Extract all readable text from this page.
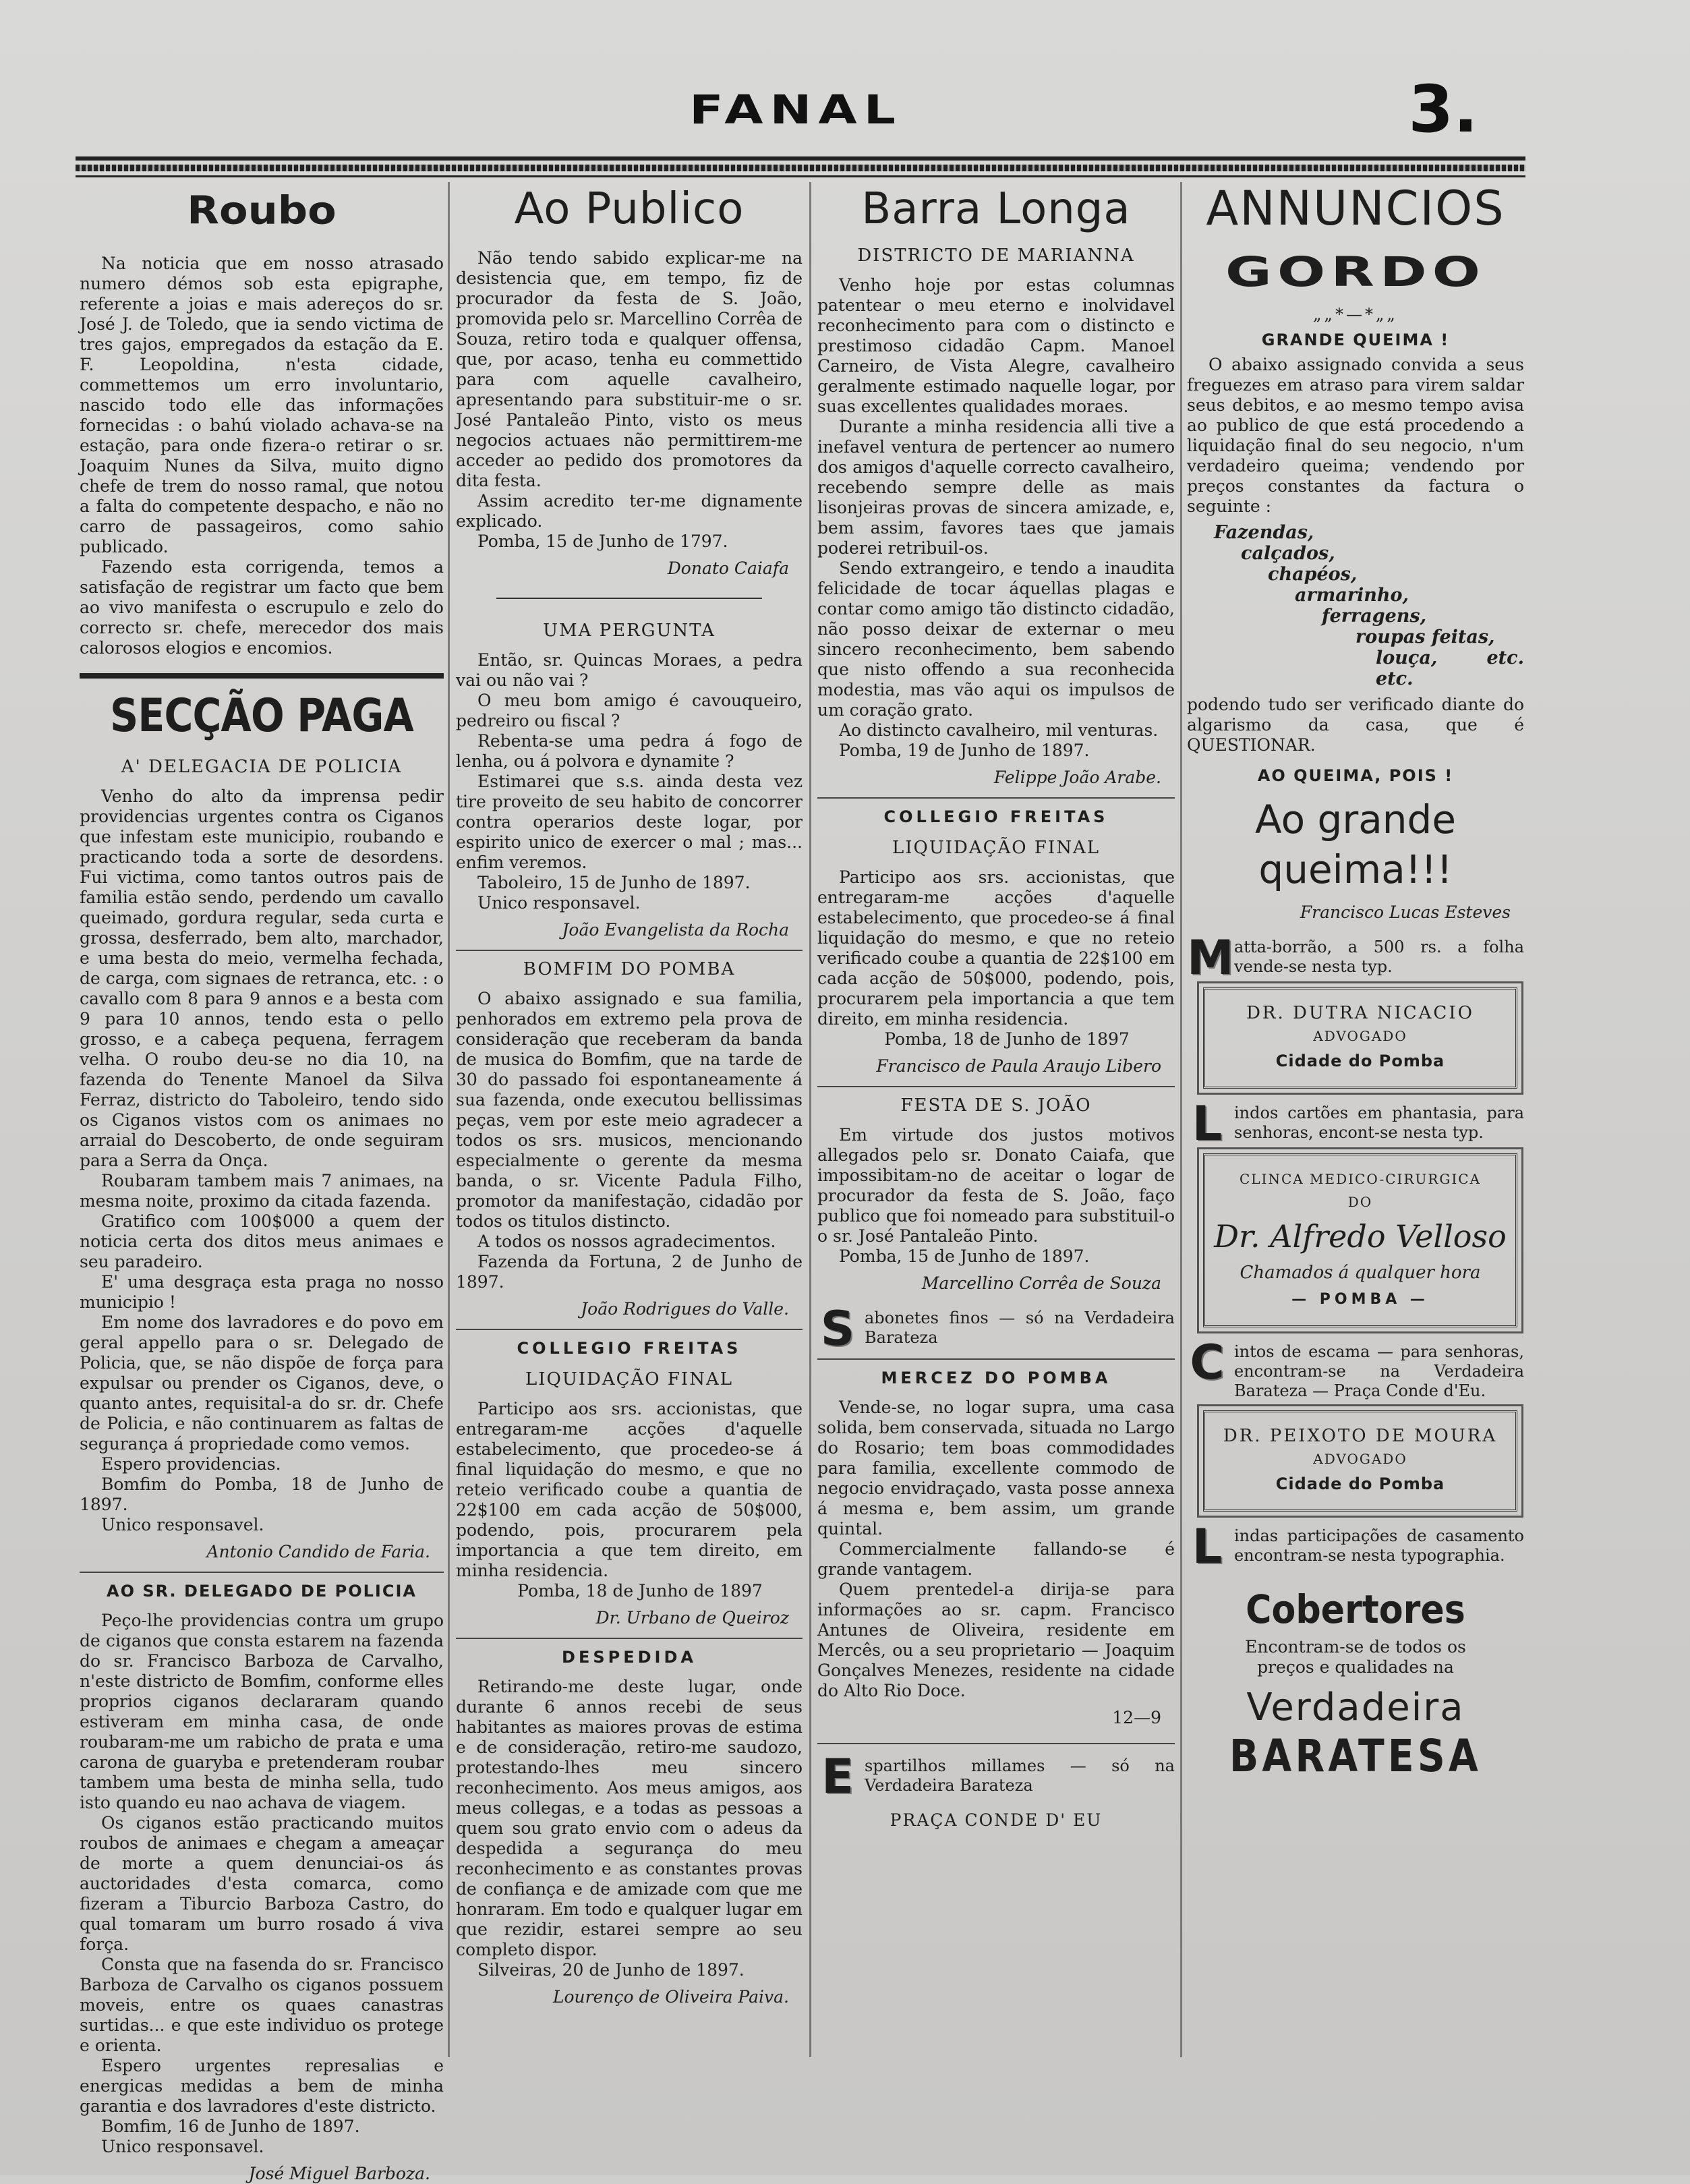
FANAL	3.
Roubo

Na noticia que em nosso atrasado numero démos sob esta epigraphe, referente a joias e mais adereços do sr. José J. de Toledo, que ia sendo victima de tres gajos, empregados da estação da E. F. Leopoldina, n'esta cidade, commettemos um erro involuntario, nascido todo elle das informações fornecidas : o bahú violado achava-se na estação, para onde fizera-o retirar o sr. Joaquim Nunes da Silva, muito digno chefe de trem do nosso ramal, que notou a falta do competente despacho, e não no carro de passageiros, como sahio publicado.

Fazendo esta corrigenda, temos a satisfação de registrar um facto que bem ao vivo manifesta o escrupulo e zelo do correcto sr. chefe, merecedor dos mais calorosos elogios e encomios.

SECÇÃO PAGA
A' DELEGACIA DE POLICIA

Venho do alto da imprensa pedir providencias urgentes contra os Ciganos que infestam este municipio, roubando e practicando toda a sorte de desordens. Fui victima, como tantos outros pais de familia estão sendo, perdendo um cavallo queimado, gordura regular, seda curta e grossa, desferrado, bem alto, marchador, e uma besta do meio, vermelha fechada, de carga, com signaes de retranca, etc. : o cavallo com 8 para 9 annos e a besta com 9 para 10 annos, tendo esta o pello grosso, e a cabeça pequena, ferragem velha. O roubo deu-se no dia 10, na fazenda do Tenente Manoel da Silva Ferraz, districto do Taboleiro, tendo sido os Ciganos vistos com os animaes no arraial do Descoberto, de onde seguiram para a Serra da Onça.

Roubaram tambem mais 7 animaes, na mesma noite, proximo da citada fazenda.

Gratifico com 100$000 a quem der noticia certa dos ditos meus animaes e seu paradeiro.

E' uma desgraça esta praga no nosso municipio !

Em nome dos lavradores e do povo em geral appello para o sr. Delegado de Policia, que, se não dispõe de força para expulsar ou prender os Ciganos, deve, o quanto antes, requisital-a do sr. dr. Chefe de Policia, e não continuarem as faltas de segurança á propriedade como vemos.

Espero providencias.

Bomfim do Pomba, 18 de Junho de 1897.

Unico responsavel.

Antonio Candido de Faria.
AO SR. DELEGADO DE POLICIA

Peço-lhe providencias contra um grupo de ciganos que consta estarem na fazenda do sr. Francisco Barboza de Carvalho, n'este districto de Bomfim, conforme elles proprios ciganos declararam quando estiveram em minha casa, de onde roubaram-me um rabicho de prata e uma carona de guaryba e pretenderam roubar tambem uma besta de minha sella, tudo isto quando eu nao achava de viagem.

Os ciganos estão practicando muitos roubos de animaes e chegam a ameaçar de morte a quem denunciai-os ás auctoridades d'esta comarca, como fizeram a Tiburcio Barboza Castro, do qual tomaram um burro rosado á viva força.

Consta que na fasenda do sr. Francisco Barboza de Carvalho os ciganos possuem moveis, entre os quaes canastras surtidas... e que este individuo os protege e orienta.

Espero urgentes represalias e energicas medidas a bem de minha garantia e dos lavradores d'este districto.

Bomfim, 16 de Junho de 1897.

Unico responsavel.

José Miguel Barboza.
Ao Publico

Não tendo sabido explicar-me na desistencia que, em tempo, fiz de procurador da festa de S. João, promovida pelo sr. Marcellino Corrêa de Souza, retiro toda e qualquer offensa, que, por acaso, tenha eu commettido para com aquelle cavalheiro, apresentando para substituir-me o sr. José Pantaleão Pinto, visto os meus negocios actuaes não permittirem-me acceder ao pedido dos promotores da dita festa.

Assim acredito ter-me dignamente explicado.

Pomba, 15 de Junho de 1797.

Donato Caiafa
UMA PERGUNTA

Então, sr. Quincas Moraes, a pedra vai ou não vai ?

O meu bom amigo é cavouqueiro, pedreiro ou fiscal ?

Rebenta-se uma pedra á fogo de lenha, ou á polvora e dynamite ?

Estimarei que s.s. ainda desta vez tire proveito de seu habito de concorrer contra operarios deste logar, por espirito unico de exercer o mal ; mas... enfim veremos.

Taboleiro, 15 de Junho de 1897.

Unico responsavel.

João Evangelista da Rocha
BOMFIM DO POMBA

O abaixo assignado e sua familia, penhorados em extremo pela prova de consideração que receberam da banda de musica do Bomfim, que na tarde de 30 do passado foi espontaneamente á sua fazenda, onde executou bellissimas peças, vem por este meio agradecer a todos os srs. musicos, mencionando especialmente o gerente da mesma banda, o sr. Vicente Padula Filho, promotor da manifestação, cidadão por todos os titulos distincto.

A todos os nossos agradecimentos.

Fazenda da Fortuna, 2 de Junho de 1897.

João Rodrigues do Valle.
COLLEGIO FREITAS
LIQUIDAÇÃO FINAL

Participo aos srs. accionistas, que entregaram-me acções d'aquelle estabelecimento, que procedeo-se á final liquidação do mesmo, e que no reteio verificado coube a quantia de 22$100 em cada acção de 50$000, podendo, pois, procurarem pela importancia a que tem direito, em minha residencia.

Pomba, 18 de Junho de 1897

Dr. Urbano de Queiroz
DESPEDIDA

Retirando-me deste lugar, onde durante 6 annos recebi de seus habitantes as maiores provas de estima e de consideração, retiro-me saudozo, protestando-lhes meu sincero reconhecimento. Aos meus amigos, aos meus collegas, e a todas as pessoas a quem sou grato envio com o adeus da despedida a segurança do meu reconhecimento e as constantes provas de confiança e de amizade com que me honraram. Em todo e qualquer lugar em que rezidir, estarei sempre ao seu completo dispor.

Silveiras, 20 de Junho de 1897.

Lourenço de Oliveira Paiva.
Barra Longa
DISTRICTO DE MARIANNA

Venho hoje por estas columnas patentear o meu eterno e inolvidavel reconhecimento para com o distincto e prestimoso cidadão Capm. Manoel Carneiro, de Vista Alegre, cavalheiro geralmente estimado naquelle logar, por suas excellentes qualidades moraes.

Durante a minha residencia alli tive a inefavel ventura de pertencer ao numero dos amigos d'aquelle correcto cavalheiro, recebendo sempre delle as mais lisonjeiras provas de sincera amizade, e, bem assim, favores taes que jamais poderei retribuil-os.

Sendo extrangeiro, e tendo a inaudita felicidade de tocar áquellas plagas e contar como amigo tão distincto cidadão, não posso deixar de externar o meu sincero reconhecimento, bem sabendo que nisto offendo a sua reconhecida modestia, mas vão aqui os impulsos de um coração grato.

Ao distincto cavalheiro, mil venturas.

Pomba, 19 de Junho de 1897.

Felippe João Arabe.
COLLEGIO FREITAS
LIQUIDAÇÃO FINAL

Participo aos srs. accionistas, que entregaram-me acções d'aquelle estabelecimento, que procedeo-se á final liquidação do mesmo, e que no reteio verificado coube a quantia de 22$100 em cada acção de 50$000, podendo, pois, procurarem pela importancia a que tem direito, em minha residencia.

Pomba, 18 de Junho de 1897

Francisco de Paula Araujo Libero
FESTA DE S. JOÃO

Em virtude dos justos motivos allegados pelo sr. Donato Caiafa, que impossibitam-no de aceitar o logar de procurador da festa de S. João, faço publico que foi nomeado para substituil-o o sr. José Pantaleão Pinto.

Pomba, 15 de Junho de 1897.

Marcellino Corrêa de Souza
S abonetes finos — só na Verdadeira Barateza
MERCEZ DO POMBA

Vende-se, no logar supra, uma casa solida, bem conservada, situada no Largo do Rosario; tem boas commodidades para familia, excellente commodo de negocio envidraçado, vasta posse annexa á mesma e, bem assim, um grande quintal.

Commercialmente fallando-se é grande vantagem.

Quem prentedel-a dirija-se para informações ao sr. capm. Francisco Antunes de Oliveira, residente em Mercês, ou a seu proprietario — Joaquim Gonçalves Menezes, residente na cidade do Alto Rio Doce.

12—9
E spartilhos millames — só na Verdadeira Barateza
PRAÇA CONDE D' EU
ANNUNCIOS
GORDO
„„*—*„„
GRANDE QUEIMA !

O abaixo assignado convida a seus freguezes em atraso para virem saldar seus debitos, e ao mesmo tempo avisa ao publico de que está procedendo a liquidação final do seu negocio, n'um verdadeiro queima; vendendo por preços constantes da factura o seguinte :

Fazendas,
calçados,
chapéos,
armarinho,
ferragens,
roupas feitas,
louça, etc. etc.

podendo tudo ser verificado diante do algarismo da casa, que é QUESTIONAR.

AO QUEIMA, POIS !
Ao grande
queima!!!
Francisco Lucas Esteves
M atta-borrão, a 500 rs. a folha vende-se nesta typ.
DR. DUTRA NICACIO
ADVOGADO
Cidade do Pomba
L indos cartões em phantasia, para senhoras, encont-se nesta typ.
CLINCA MEDICO-CIRURGICA
DO
Dr. Alfredo Velloso
Chamados á qualquer hora
— POMBA —
C intos de escama — para senhoras, encontram-se na Verdadeira Barateza — Praça Conde d'Eu.
DR. PEIXOTO DE MOURA
ADVOGADO
Cidade do Pomba
L indas participações de casamento encontram-se nesta typographia.
Cobertores
Encontram-se de todos os preços e qualidades na
Verdadeira
BARATESA
